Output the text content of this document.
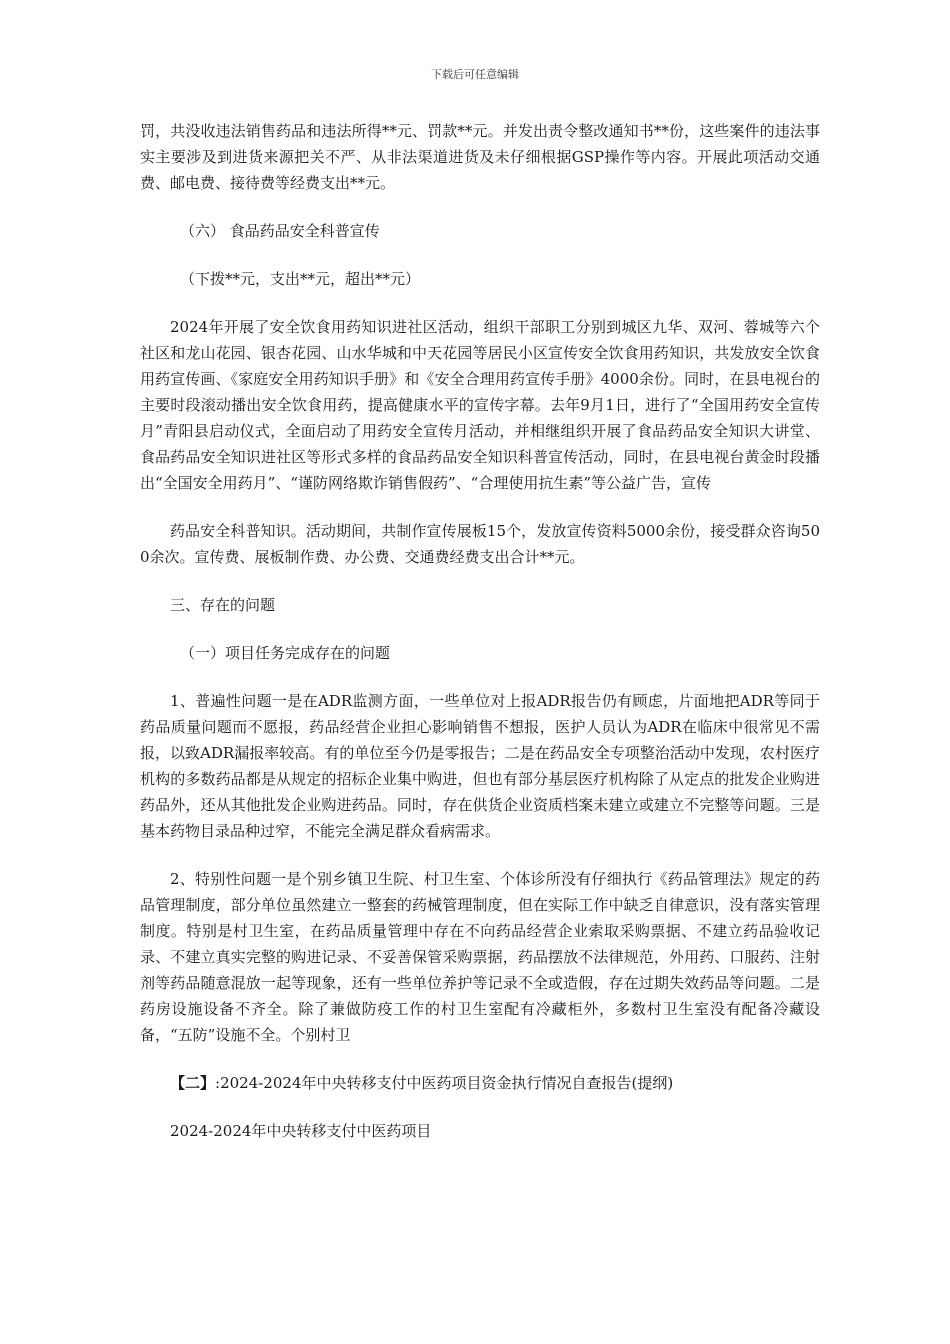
下载后可任意编辑

罚，共没收违法销售药品和违法所得**元、罚款**元。并发出责令整改通知书**份，这些案件的违法事实主要涉及到进货来源把关不严、从非法渠道进货及未仔细根据GSP操作等内容。开展此项活动交通费、邮电费、接待费等经费支出**元。

（六） 食品药品安全科普宣传

（下拨**元，支出**元，超出**元）

2024年开展了安全饮食用药知识进社区活动，组织干部职工分别到城区九华、双河、蓉城等六个社区和龙山花园、银杏花园、山水华城和中天花园等居民小区宣传安全饮食用药知识，共发放安全饮食用药宣传画、《家庭安全用药知识手册》和《安全合理用药宣传手册》4000余份。同时，在县电视台的主要时段滚动播出安全饮食用药，提高健康水平的宣传字幕。去年9月1日，进行了“全国用药安全宣传月”青阳县启动仪式，全面启动了用药安全宣传月活动，并相继组织开展了食品药品安全知识大讲堂、食品药品安全知识进社区等形式多样的食品药品安全知识科普宣传活动，同时，在县电视台黄金时段播出“全国安全用药月”、“谨防网络欺诈销售假药”、“合理使用抗生素”等公益广告，宣传

药品安全科普知识。活动期间，共制作宣传展板15个，发放宣传资料5000余份，接受群众咨询500余次。宣传费、展板制作费、办公费、交通费经费支出合计**元。

三、存在的问题

（一）项目任务完成存在的问题

1、普遍性问题一是在ADR监测方面，一些单位对上报ADR报告仍有顾虑，片面地把ADR等同于药品质量问题而不愿报，药品经营企业担心影响销售不想报，医护人员认为ADR在临床中很常见不需报，以致ADR漏报率较高。有的单位至今仍是零报告；二是在药品安全专项整治活动中发现，农村医疗机构的多数药品都是从规定的招标企业集中购进，但也有部分基层医疗机构除了从定点的批发企业购进药品外，还从其他批发企业购进药品。同时，存在供货企业资质档案未建立或建立不完整等问题。三是基本药物目录品种过窄，不能完全满足群众看病需求。

2、特别性问题一是个别乡镇卫生院、村卫生室、个体诊所没有仔细执行《药品管理法》规定的药品管理制度，部分单位虽然建立一整套的药械管理制度，但在实际工作中缺乏自律意识，没有落实管理制度。特别是村卫生室，在药品质量管理中存在不向药品经营企业索取采购票据、不建立药品验收记录、不建立真实完整的购进记录、不妥善保管采购票据，药品摆放不法律规范，外用药、口服药、注射剂等药品随意混放一起等现象，还有一些单位养护等记录不全或造假，存在过期失效药品等问题。二是药房设施设备不齐全。除了兼做防疫工作的村卫生室配有冷藏柜外，多数村卫生室没有配备冷藏设备，“五防”设施不全。个别村卫

【二】:2024-2024年中央转移支付中医药项目资金执行情况自查报告(提纲)

2024-2024年中央转移支付中医药项目
